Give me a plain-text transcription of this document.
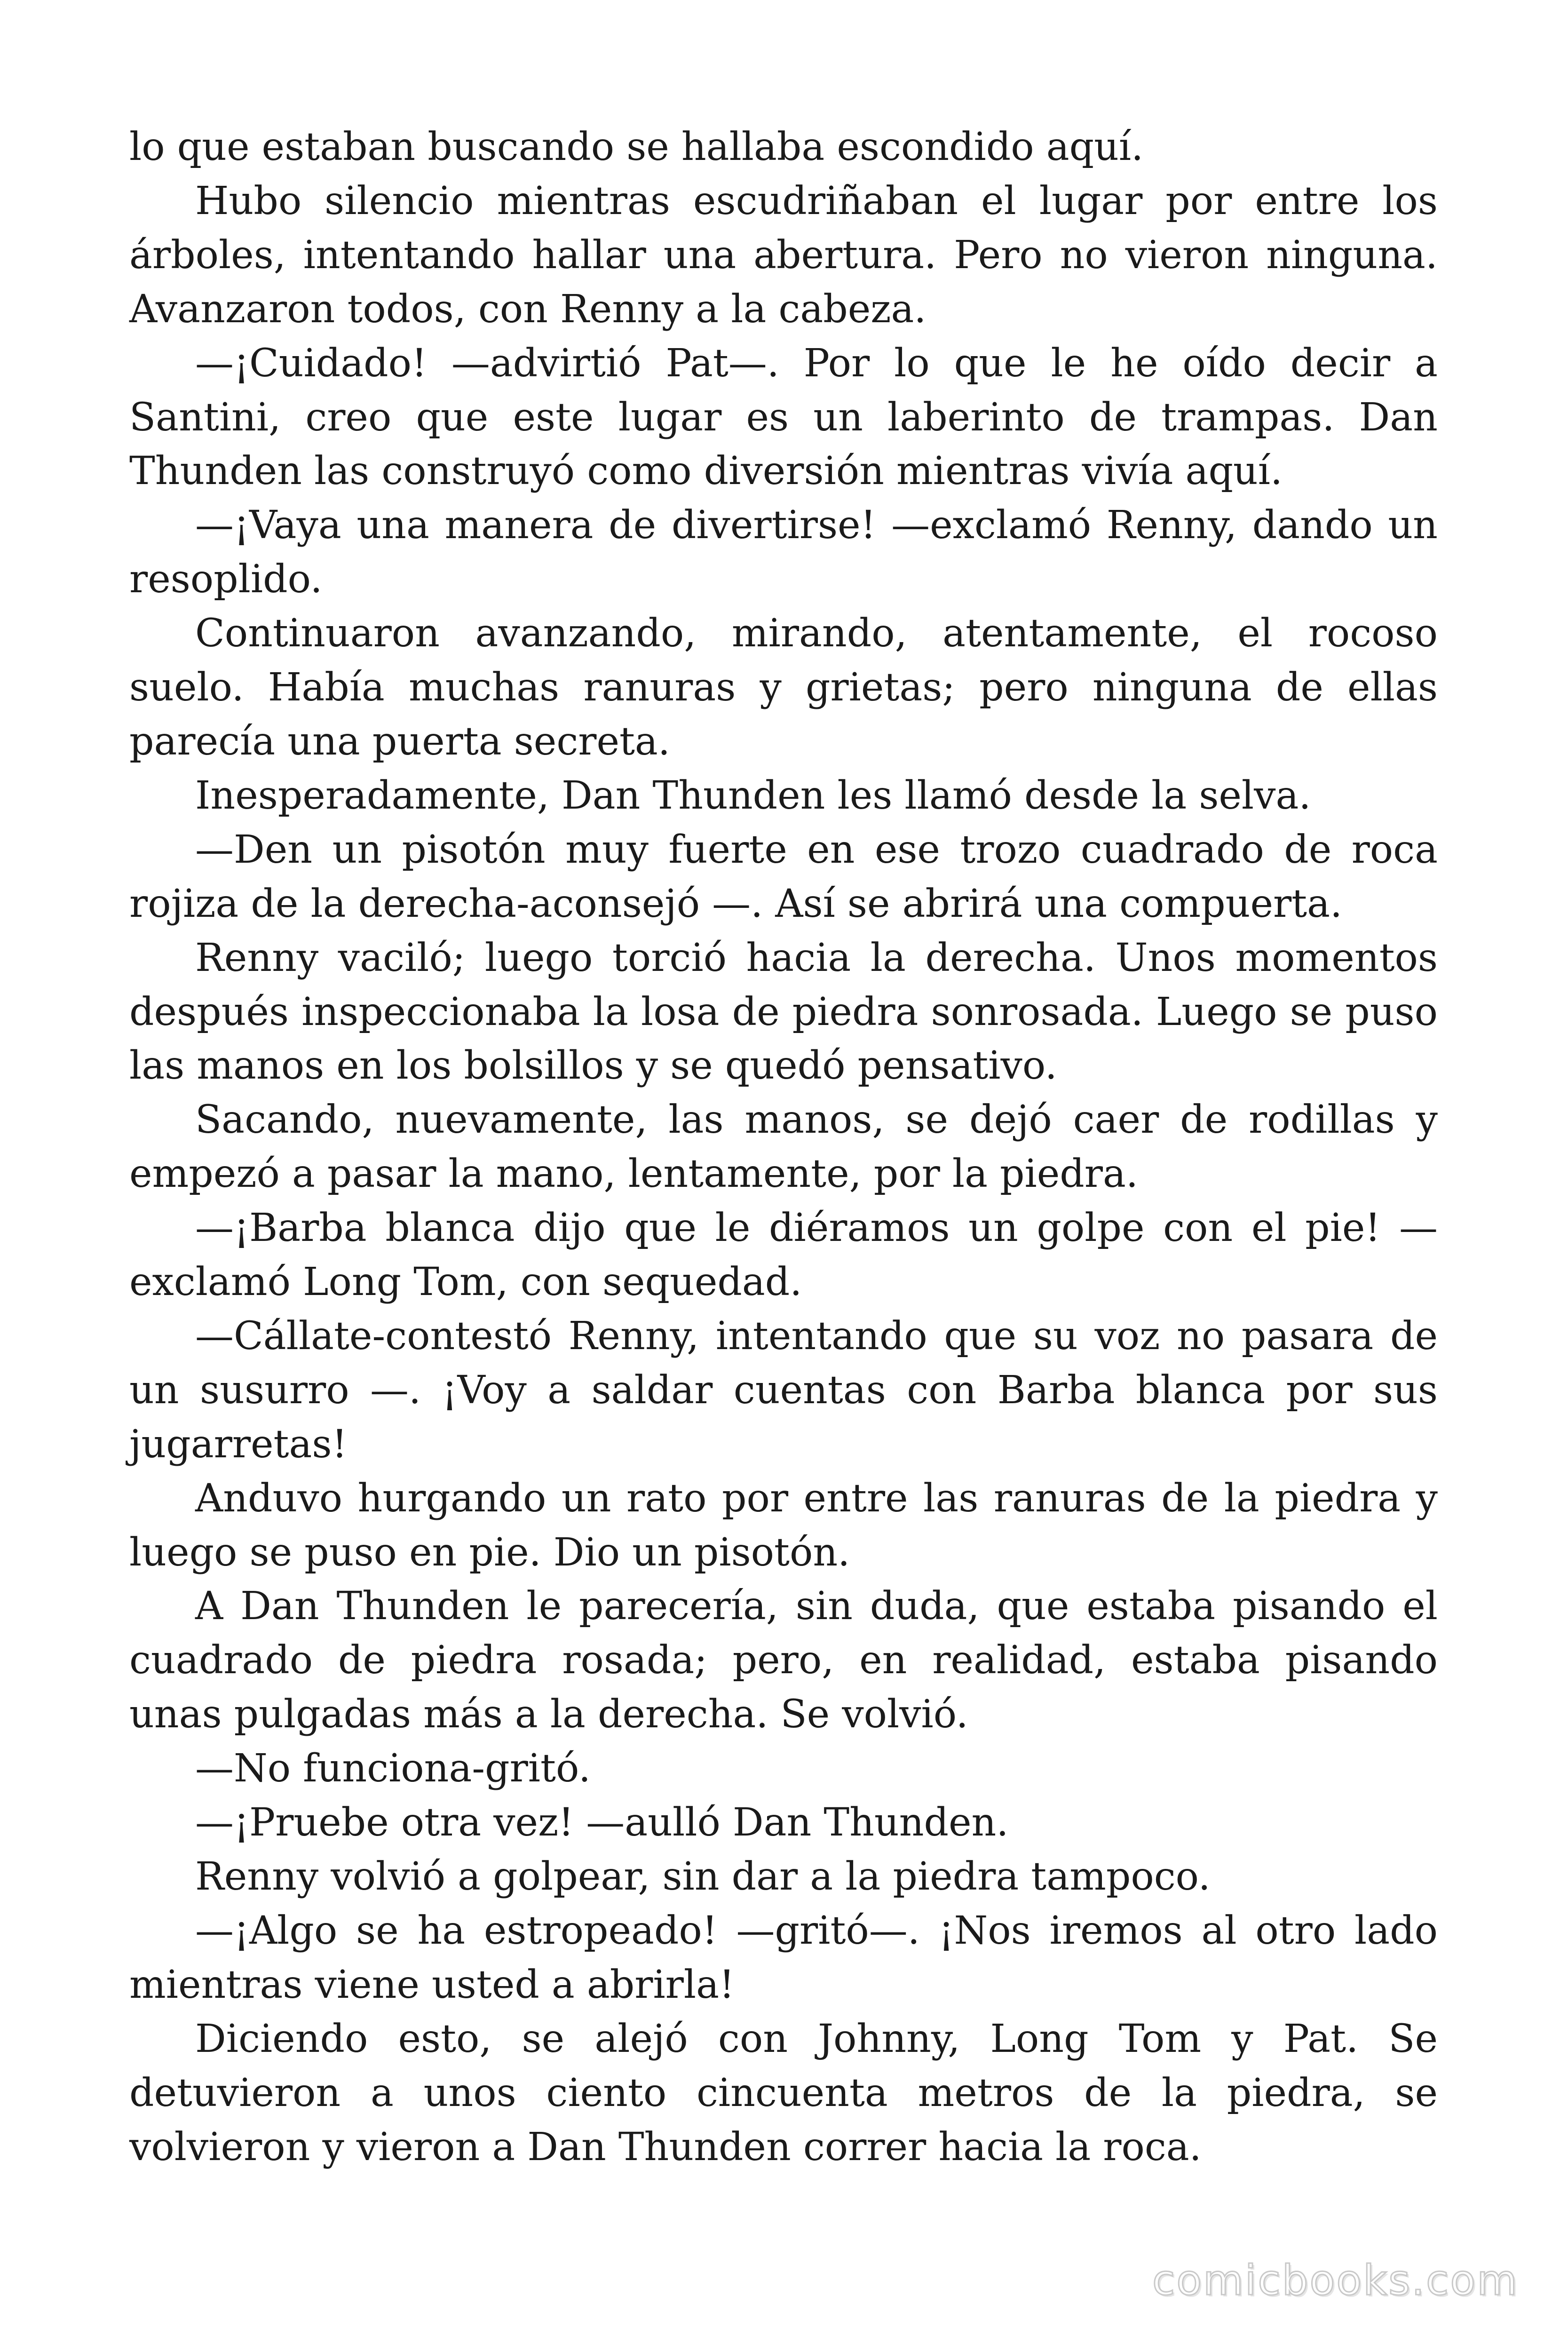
lo que estaban buscando se hallaba escondido aquí.

Hubo silencio mientras escudriñaban el lugar por entre los árboles, intentando hallar una abertura. Pero no vieron ninguna. Avanzaron todos, con Renny a la cabeza.

—¡Cuidado! —advirtió Pat—. Por lo que le he oído decir a Santini, creo que este lugar es un laberinto de trampas. Dan Thunden las construyó como diversión mientras vivía aquí.

—¡Vaya una manera de divertirse! —exclamó Renny, dando un resoplido.

Continuaron avanzando, mirando, atentamente, el rocoso suelo. Había muchas ranuras y grietas; pero ninguna de ellas parecía una puerta secreta.

Inesperadamente, Dan Thunden les llamó desde la selva.

—Den un pisotón muy fuerte en ese trozo cuadrado de roca rojiza de la derecha-aconsejó —. Así se abrirá una compuerta.

Renny vaciló; luego torció hacia la derecha. Unos momentos después inspeccionaba la losa de piedra sonrosada. Luego se puso las manos en los bolsillos y se quedó pensativo.

Sacando, nuevamente, las manos, se dejó caer de rodillas y empezó a pasar la mano, lentamente, por la piedra.

—¡Barba blanca dijo que le diéramos un golpe con el pie! — exclamó Long Tom, con sequedad.

—Cállate-contestó Renny, intentando que su voz no pasara de un susurro —. ¡Voy a saldar cuentas con Barba blanca por sus jugarretas!

Anduvo hurgando un rato por entre las ranuras de la piedra y luego se puso en pie. Dio un pisotón.

A Dan Thunden le parecería, sin duda, que estaba pisando el cuadrado de piedra rosada; pero, en realidad, estaba pisando unas pulgadas más a la derecha. Se volvió.

—No funciona-gritó.

—¡Pruebe otra vez! —aulló Dan Thunden.

Renny volvió a golpear, sin dar a la piedra tampoco.

—¡Algo se ha estropeado! —gritó—. ¡Nos iremos al otro lado mientras viene usted a abrirla!

Diciendo esto, se alejó con Johnny, Long Tom y Pat. Se detuvieron a unos ciento cincuenta metros de la piedra, se volvieron y vieron a Dan Thunden correr hacia la roca.

comicbooks.com
